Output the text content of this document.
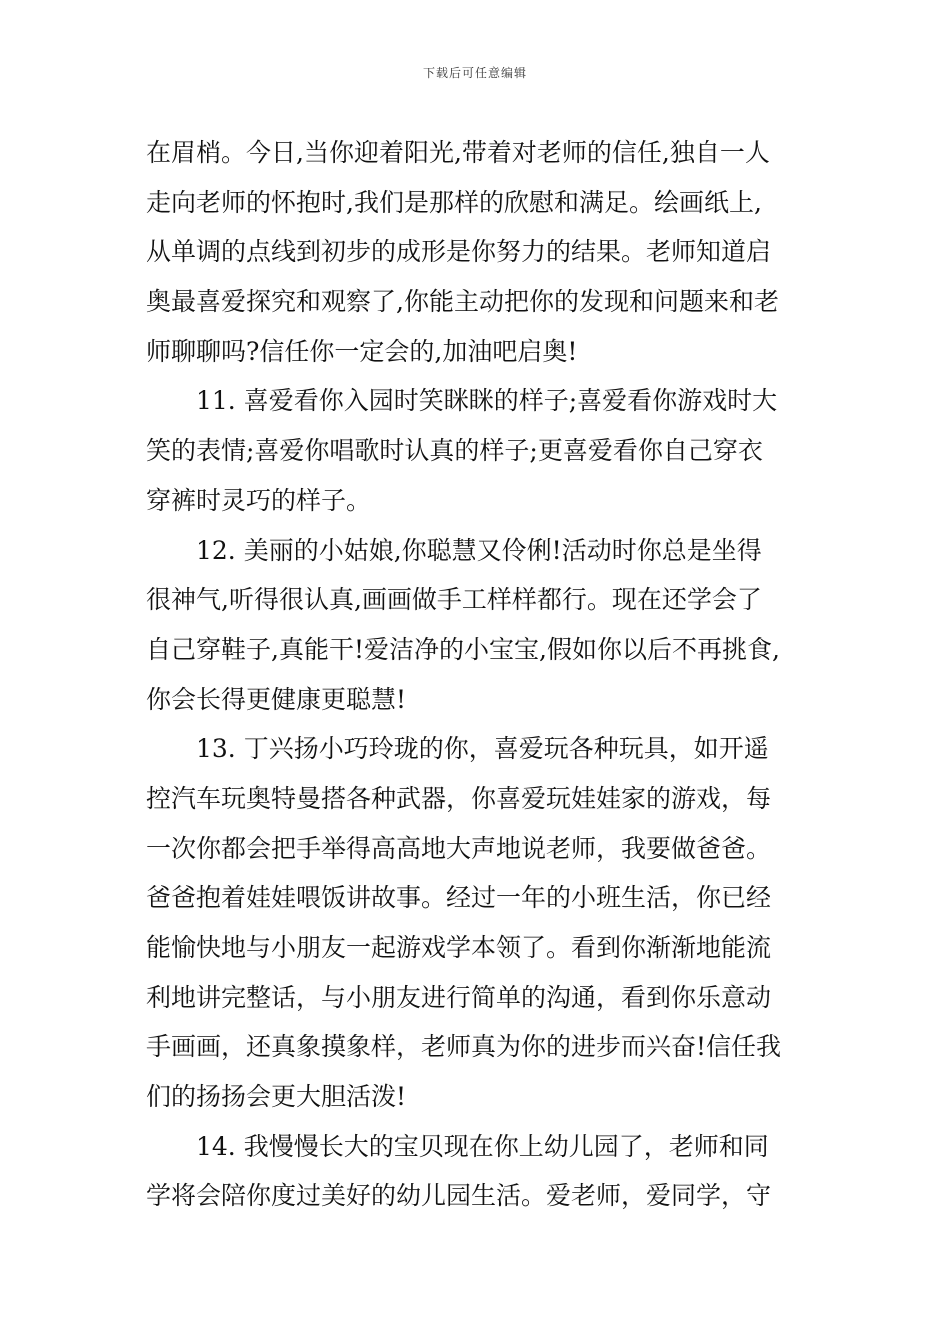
下载后可任意编辑
在眉梢。今日,当你迎着阳光,带着对老师的信任,独自一人
走向老师的怀抱时,我们是那样的欣慰和满足。绘画纸上,
从单调的点线到初步的成形是你努力的结果。老师知道启
奥最喜爱探究和观察了,你能主动把你的发现和问题来和老
师聊聊吗?信任你一定会的,加油吧启奥!
11. 喜爱看你入园时笑眯眯的样子;喜爱看你游戏时大
笑的表情;喜爱你唱歌时认真的样子;更喜爱看你自己穿衣
穿裤时灵巧的样子。
12. 美丽的小姑娘,你聪慧又伶俐!活动时你总是坐得
很神气,听得很认真,画画做手工样样都行。现在还学会了
自己穿鞋子,真能干!爱洁净的小宝宝,假如你以后不再挑食,
你会长得更健康更聪慧!
13. 丁兴扬小巧玲珑的你，喜爱玩各种玩具，如开遥
控汽车玩奥特曼搭各种武器，你喜爱玩娃娃家的游戏，每
一次你都会把手举得高高地大声地说老师，我要做爸爸。
爸爸抱着娃娃喂饭讲故事。经过一年的小班生活，你已经
能愉快地与小朋友一起游戏学本领了。看到你渐渐地能流
利地讲完整话，与小朋友进行简单的沟通，看到你乐意动
手画画，还真象摸象样，老师真为你的进步而兴奋!信任我
们的扬扬会更大胆活泼!
14. 我慢慢长大的宝贝现在你上幼儿园了，老师和同
学将会陪你度过美好的幼儿园生活。爱老师，爱同学，守
